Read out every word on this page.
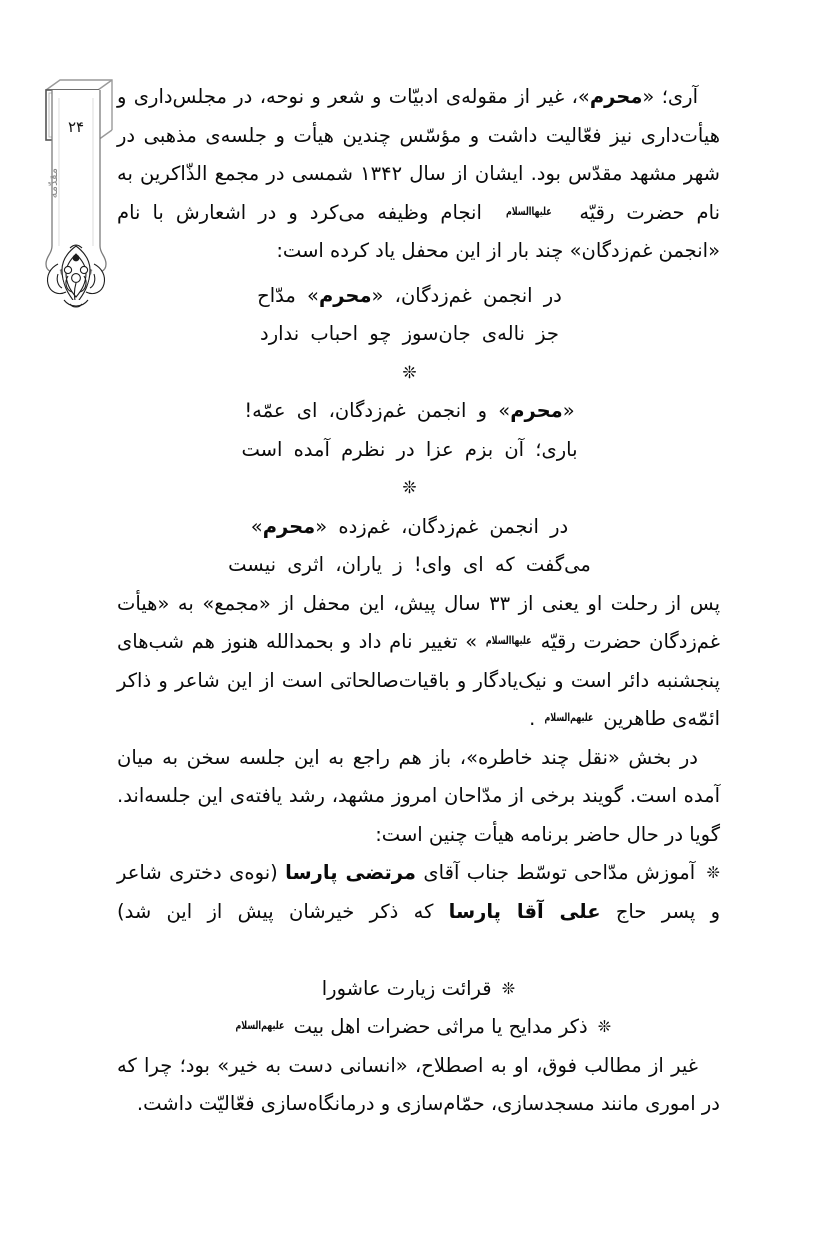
۲۴
مقدّمه

آری؛ «محرم»، غیر از مقوله‌ی ادبیّات و شعر و نوحه، در مجلس‌داری و هیأت‌داری نیز فعّالیت داشت و مؤسّس چندین هیأت و جلسه‌ی مذهبی در شهر مشهد مقدّس بود. ایشان از سال ۱۳۴۲ شمسی در مجمع الذّاکرین به نام حضرت رقیّهعلیهاالسلام انجام وظیفه می‌کرد و در اشعارش با نام «انجمن غم‌زدگان» چند بار از این محفل یاد کرده است:

در انجمن غم‌زدگان، «محرم» مدّاح
جز ناله‌ی جان‌سوز چو احباب ندارد
❊
«محرم» و انجمن غم‌زدگان، ای عمّه!
باری؛ آن بزم عزا در نظرم آمده است
❊
در انجمن غم‌زدگان، غم‌زده «محرم»
می‌گفت که ای وای! ز یاران، اثری نیست

پس از رحلت او یعنی از ۳۳ سال پیش، این محفل از «مجمع» به «هیأت غم‌زدگان حضرت رقیّهعلیهاالسلام» تغییر نام داد و بحمدالله هنوز هم شب‌های پنجشنبه دائر است و نیک‌یادگار و باقیات‌صالحاتی است از این شاعر و ذاکر ائمّه‌ی طاهرینعلیهم‌السلام.

در بخش «نقل چند خاطره»، باز هم راجع به این جلسه سخن به میان آمده است. گویند برخی از مدّاحان امروز مشهد، رشد یافته‌ی این جلسه‌اند. گویا در حال حاضر برنامه هیأت چنین است:

❊ آموزش مدّاحی توسّط جناب آقای مرتضی پارسا (نوه‌ی دختری شاعر و پسر حاج علی آقا پارسا که ذکر خیرشان پیش از این شد)
❊ قرائت زیارت عاشورا
❊ ذکر مدایح یا مراثی حضرات اهل بیتعلیهم‌السلام

غیر از مطالب فوق، او به اصطلاح، «انسانی دست به خیر» بود؛ چرا که در اموری مانند مسجدسازی، حمّام‌سازی و درمانگاه‌سازی فعّالیّت داشت.
